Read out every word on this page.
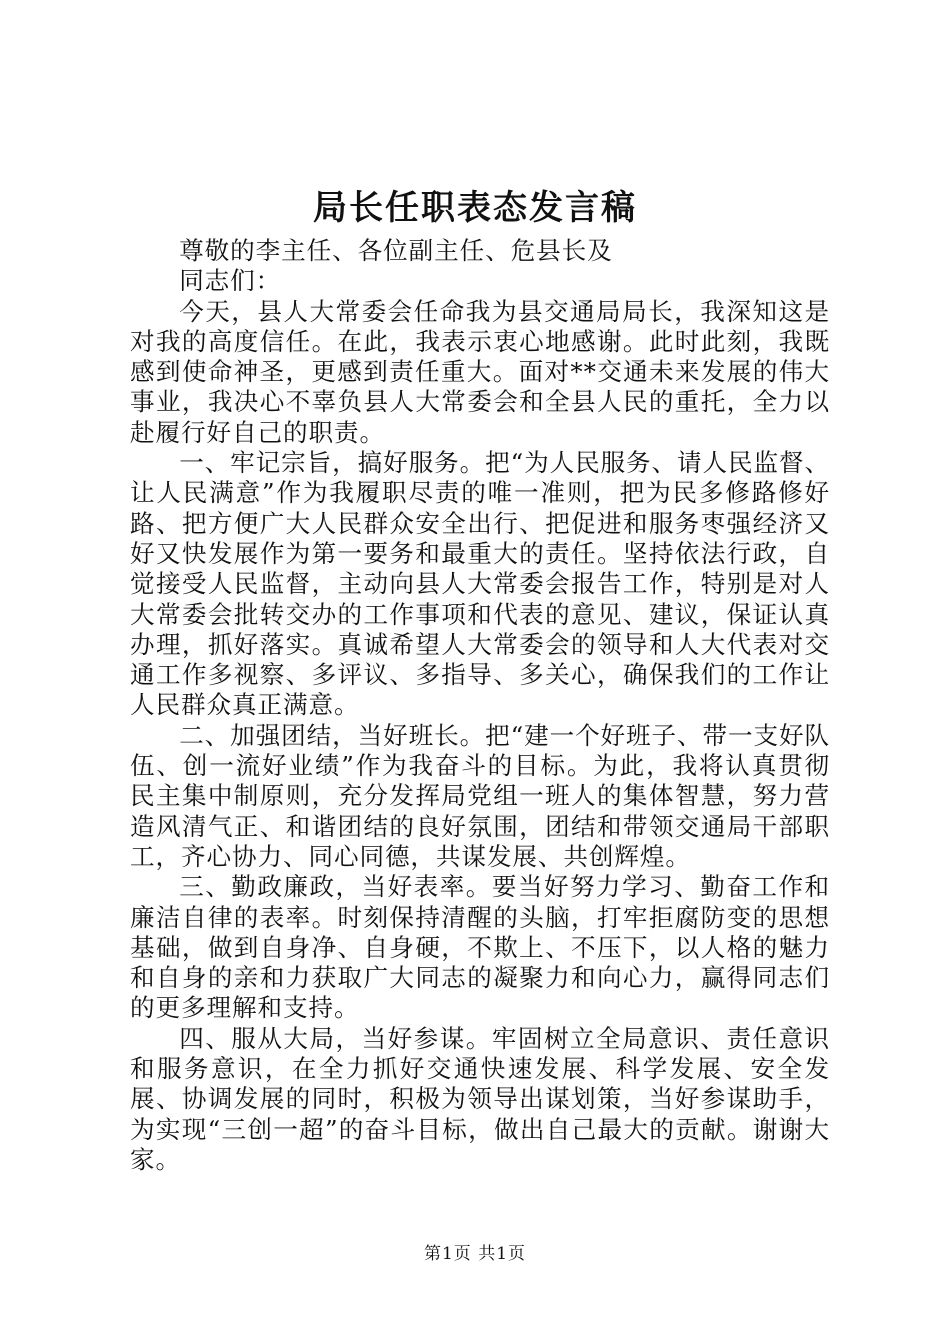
局长任职表态发言稿

尊敬的李主任、各位副主任、危县长及

同志们：

今天，县人大常委会任命我为县交通局局长，我深知这是对我的高度信任。在此，我表示衷心地感谢。此时此刻，我既感到使命神圣，更感到责任重大。面对**交通未来发展的伟大事业，我决心不辜负县人大常委会和全县人民的重托，全力以赴履行好自己的职责。

一、牢记宗旨，搞好服务。把“为人民服务、请人民监督、让人民满意”作为我履职尽责的唯一准则，把为民多修路修好路、把方便广大人民群众安全出行、把促进和服务枣强经济又好又快发展作为第一要务和最重大的责任。坚持依法行政，自觉接受人民监督，主动向县人大常委会报告工作，特别是对人大常委会批转交办的工作事项和代表的意见、建议，保证认真办理，抓好落实。真诚希望人大常委会的领导和人大代表对交通工作多视察、多评议、多指导、多关心，确保我们的工作让人民群众真正满意。

二、加强团结，当好班长。把“建一个好班子、带一支好队伍、创一流好业绩”作为我奋斗的目标。为此，我将认真贯彻民主集中制原则，充分发挥局党组一班人的集体智慧，努力营造风清气正、和谐团结的良好氛围，团结和带领交通局干部职工，齐心协力、同心同德，共谋发展、共创辉煌。

三、勤政廉政，当好表率。要当好努力学习、勤奋工作和廉洁自律的表率。时刻保持清醒的头脑，打牢拒腐防变的思想基础，做到自身净、自身硬，不欺上、不压下，以人格的魅力和自身的亲和力获取广大同志的凝聚力和向心力，赢得同志们的更多理解和支持。

四、服从大局，当好参谋。牢固树立全局意识、责任意识和服务意识，在全力抓好交通快速发展、科学发展、安全发展、协调发展的同时，积极为领导出谋划策，当好参谋助手，为实现“三创一超”的奋斗目标，做出自己最大的贡献。谢谢大家。

第1页 共1页
